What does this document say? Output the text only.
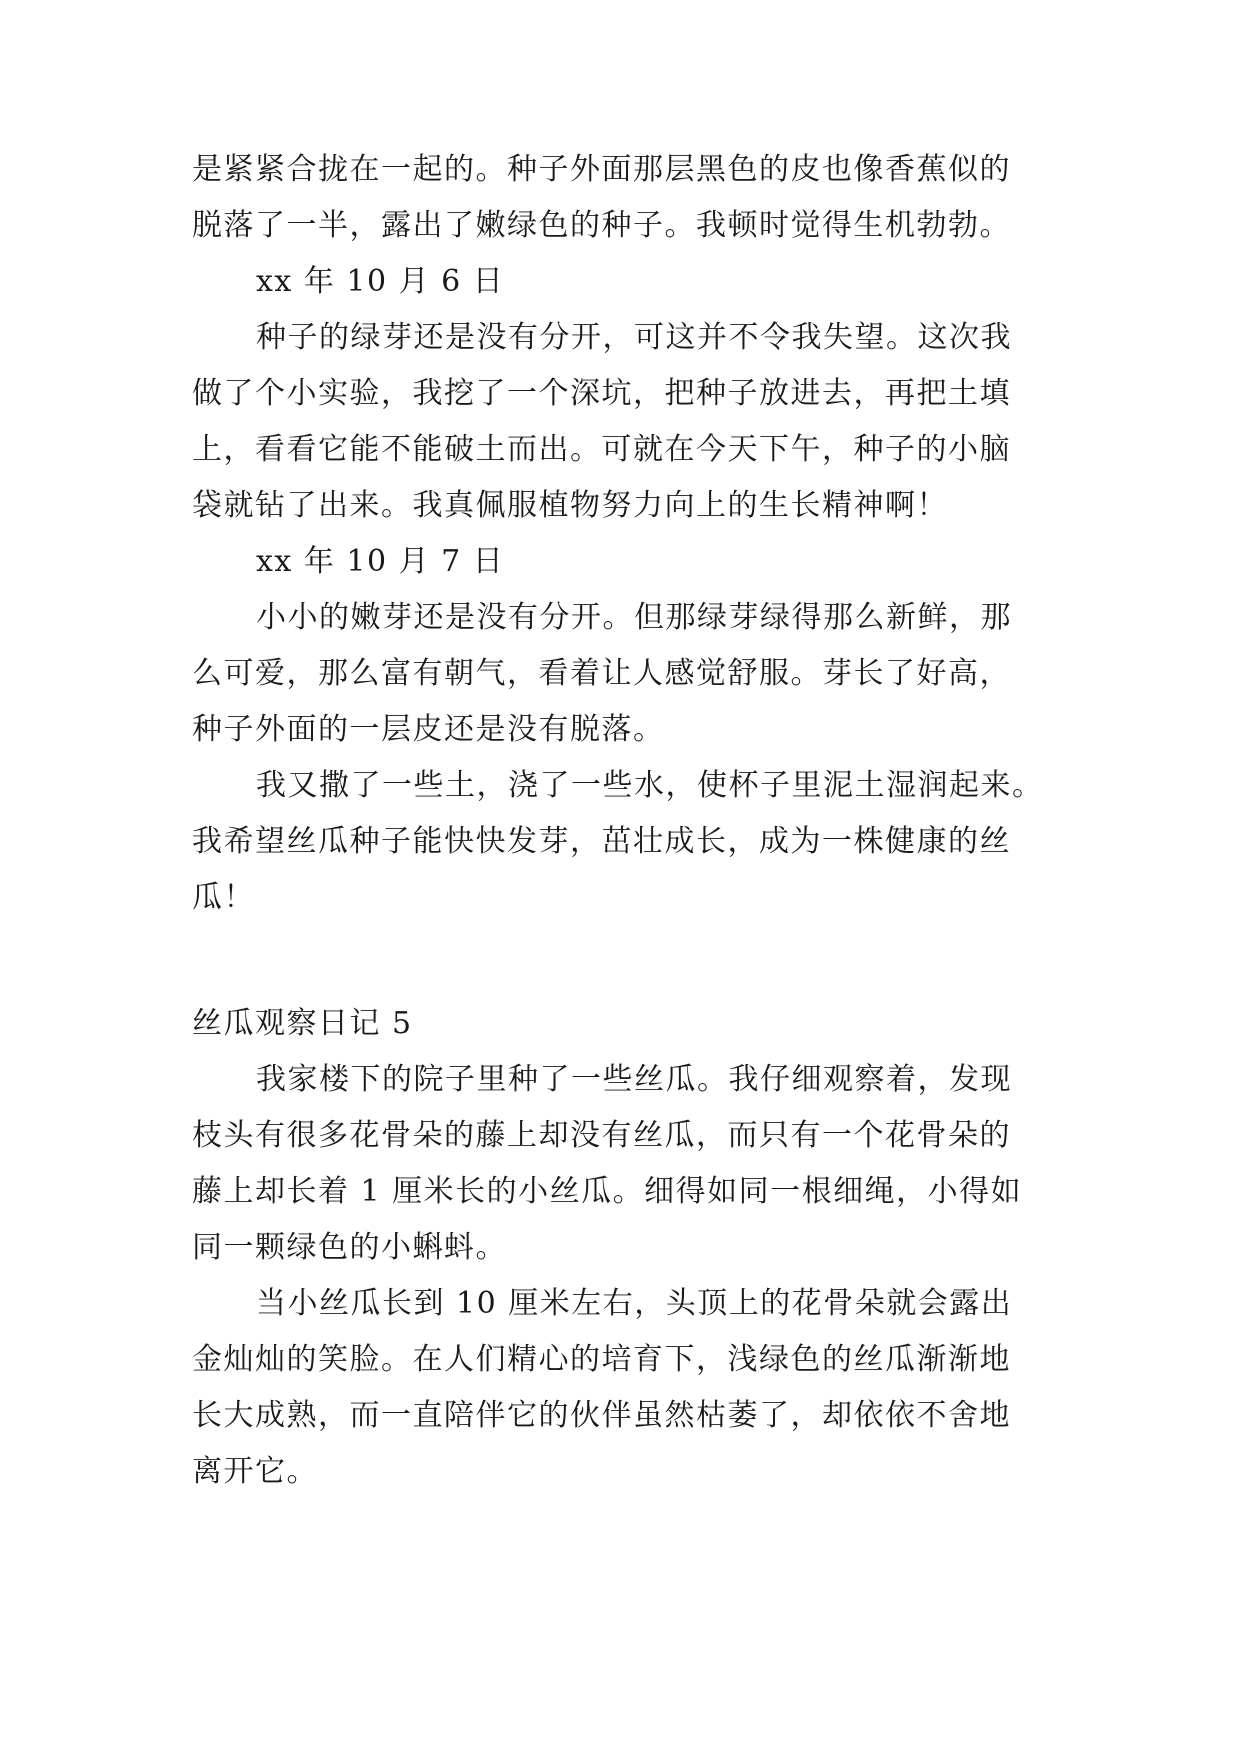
是紧紧合拢在一起的。种子外面那层黑色的皮也像香蕉似的
脱落了一半，露出了嫩绿色的种子。我顿时觉得生机勃勃。
xx 年 10 月 6 日
种子的绿芽还是没有分开，可这并不令我失望。这次我
做了个小实验，我挖了一个深坑，把种子放进去，再把土填
上，看看它能不能破土而出。可就在今天下午，种子的小脑
袋就钻了出来。我真佩服植物努力向上的生长精神啊！
xx 年 10 月 7 日
小小的嫩芽还是没有分开。但那绿芽绿得那么新鲜，那
么可爱，那么富有朝气，看着让人感觉舒服。芽长了好高，
种子外面的一层皮还是没有脱落。
我又撒了一些土，浇了一些水，使杯子里泥土湿润起来。
我希望丝瓜种子能快快发芽，茁壮成长，成为一株健康的丝
瓜！
丝瓜观察日记 5
我家楼下的院子里种了一些丝瓜。我仔细观察着，发现
枝头有很多花骨朵的藤上却没有丝瓜，而只有一个花骨朵的
藤上却长着 1 厘米长的小丝瓜。细得如同一根细绳，小得如
同一颗绿色的小蝌蚪。
当小丝瓜长到 10 厘米左右，头顶上的花骨朵就会露出
金灿灿的笑脸。在人们精心的培育下，浅绿色的丝瓜渐渐地
长大成熟，而一直陪伴它的伙伴虽然枯萎了，却依依不舍地
离开它。
